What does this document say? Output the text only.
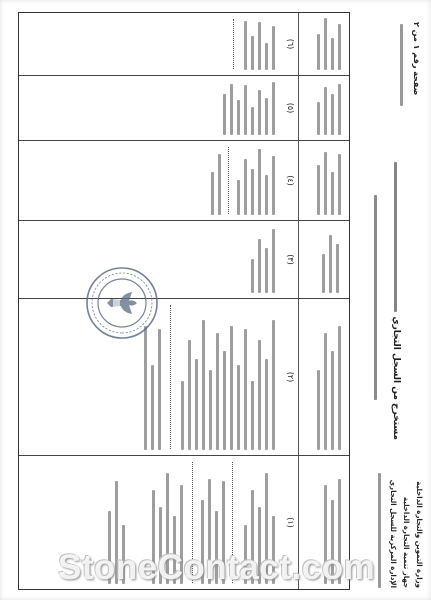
وزارة التموين والتجارة الداخلية
جهاز تنمية التجارة الداخلية
الإدارة المركزية للسجل التجاري
صفحة رقم ١ من ٢
مستخرج من السجل التجاري
(١)
(٢)
(٣)
(٤)
(٥)
(٦)
StoneContact.com
